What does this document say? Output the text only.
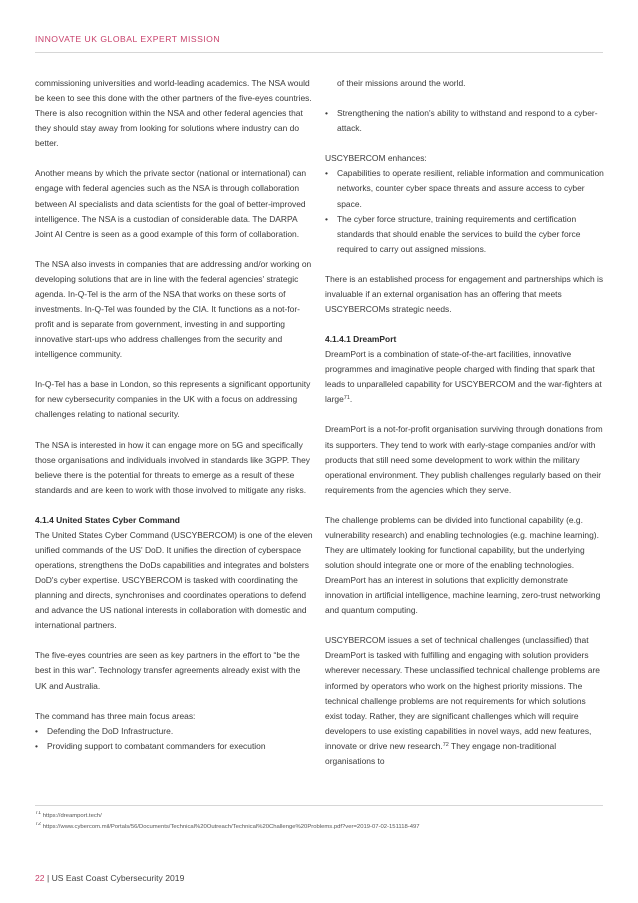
INNOVATE UK GLOBAL EXPERT MISSION

commissioning universities and world-leading academics. The NSA would be keen to see this done with the other partners of the five-eyes countries. There is also recognition within the NSA and other federal agencies that they should stay away from looking for solutions where industry can do better.

Another means by which the private sector (national or international) can engage with federal agencies such as the NSA is through collaboration between AI specialists and data scientists for the goal of better-improved intelligence. The NSA is a custodian of considerable data. The DARPA Joint AI Centre is seen as a good example of this form of collaboration.

The NSA also invests in companies that are addressing and/or working on developing solutions that are in line with the federal agencies' strategic agenda. In-Q-Tel is the arm of the NSA that works on these sorts of investments. In-Q-Tel was founded by the CIA. It functions as a not-for-profit and is separate from government, investing in and supporting innovative start-ups who address challenges from the security and intelligence community.

In-Q-Tel has a base in London, so this represents a significant opportunity for new cybersecurity companies in the UK with a focus on addressing challenges relating to national security.

The NSA is interested in how it can engage more on 5G and specifically those organisations and individuals involved in standards like 3GPP. They believe there is the potential for threats to emerge as a result of these standards and are keen to work with those involved to mitigate any risks.

4.1.4 United States Cyber Command

The United States Cyber Command (USCYBERCOM) is one of the eleven unified commands of the US' DoD. It unifies the direction of cyberspace operations, strengthens the DoDs capabilities and integrates and bolsters DoD's cyber expertise. USCYBERCOM is tasked with coordinating the planning and directs, synchronises and coordinates operations to defend and advance the US national interests in collaboration with domestic and international partners.

The five-eyes countries are seen as key partners in the effort to “be the best in this war”. Technology transfer agreements already exist with the UK and Australia.

The command has three main focus areas:

• Defending the DoD Infrastructure.
• Providing support to combatant commanders for execution

of their missions around the world.

• Strengthening the nation's ability to withstand and respond to a cyber-attack.

USCYBERCOM enhances:

• Capabilities to operate resilient, reliable information and communication networks, counter cyber space threats and assure access to cyber space.
• The cyber force structure, training requirements and certification standards that should enable the services to build the cyber force required to carry out assigned missions.

There is an established process for engagement and partnerships which is invaluable if an external organisation has an offering that meets USCYBERCOMs strategic needs.

4.1.4.1 DreamPort

DreamPort is a combination of state-of-the-art facilities, innovative programmes and imaginative people charged with finding that spark that leads to unparalleled capability for USCYBERCOM and the war-fighters at large$^{71}$.

DreamPort is a not-for-profit organisation surviving through donations from its supporters. They tend to work with early-stage companies and/or with products that still need some development to work within the military operational environment. They publish challenges regularly based on their requirements from the agencies which they serve.

The challenge problems can be divided into functional capability (e.g. vulnerability research) and enabling technologies (e.g. machine learning). They are ultimately looking for functional capability, but the underlying solution should integrate one or more of the enabling technologies. DreamPort has an interest in solutions that explicitly demonstrate innovation in artificial intelligence, machine learning, zero-trust networking and quantum computing.

USCYBERCOM issues a set of technical challenges (unclassified) that DreamPort is tasked with fulfilling and engaging with solution providers wherever necessary. These unclassified technical challenge problems are informed by operators who work on the highest priority missions. The technical challenge problems are not requirements for which solutions exist today. Rather, they are significant challenges which will require developers to use existing capabilities in novel ways, add new features, innovate or drive new research.$^{72}$ They engage non-traditional organisations to

$^{71}$ https://dreamport.tech/
$^{72}$ https://www.cybercom.mil/Portals/56/Documents/Technical%20Outreach/Technical%20Challenge%20Problems.pdf?ver=2019-07-02-151118-497
22 | US East Coast Cybersecurity 2019
